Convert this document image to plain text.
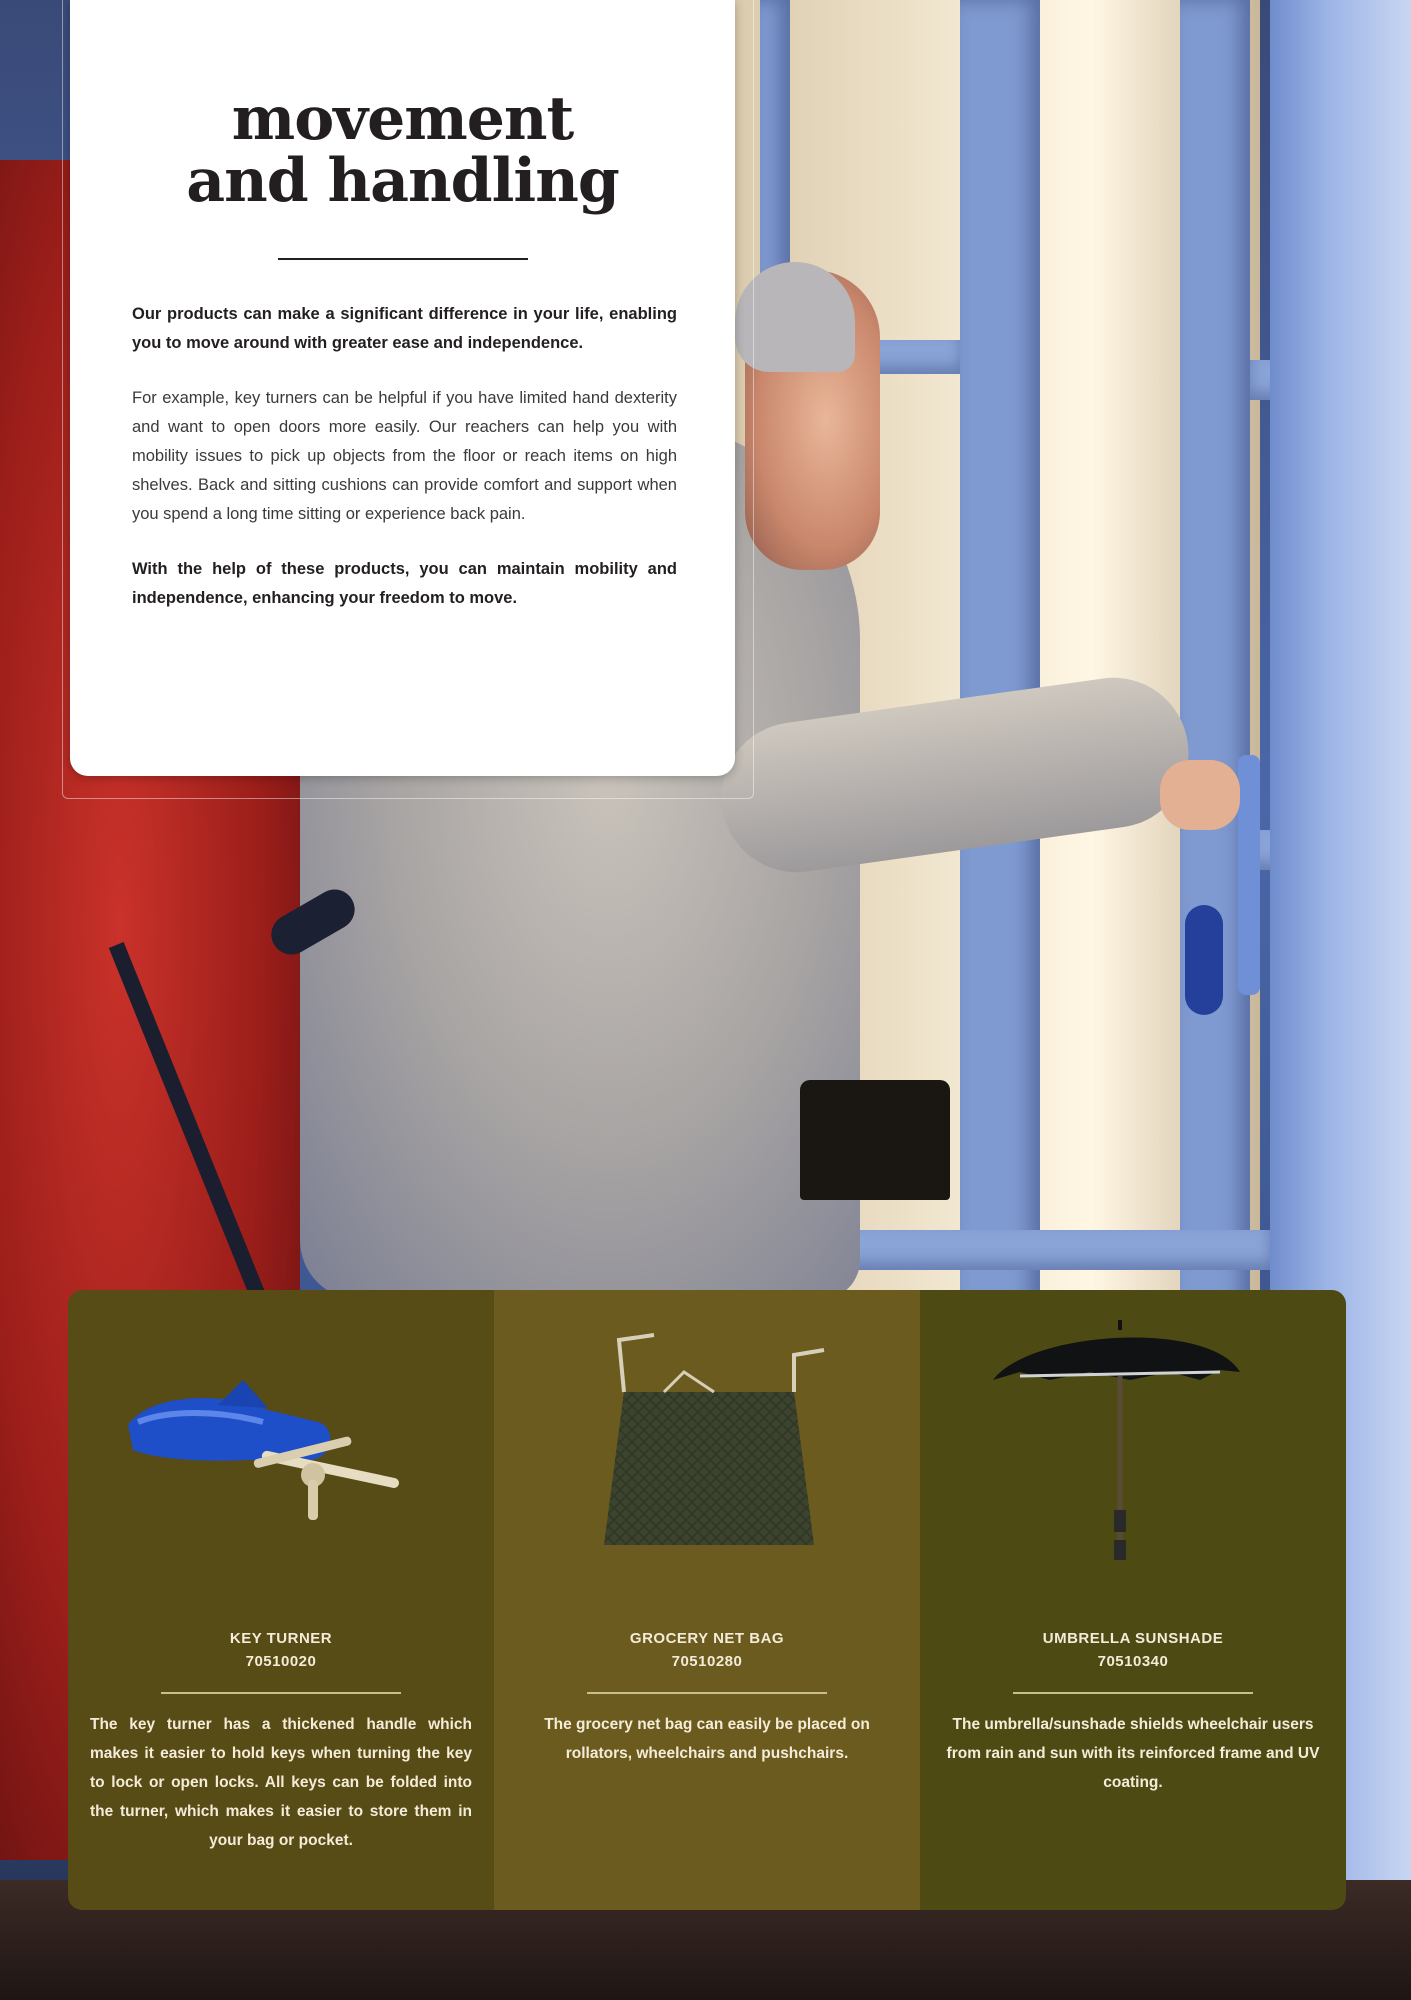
movement
and handling

Our products can make a significant difference in your life, enabling you to move around with greater ease and independence.

For example, key turners can be helpful if you have limited hand dexterity and want to open doors more easily. Our reachers can help you with mobility issues to pick up objects from the floor or reach items on high shelves. Back and sitting cushions can provide comfort and support when you spend a long time sitting or experience back pain.

With the help of these products, you can maintain mobility and independence, enhancing your freedom to move.

KEY TURNER
70510020

The key turner has a thickened handle which makes it easier to hold keys when turning the key to lock or open locks. All keys can be folded into the turner, which makes it easier to store them in your bag or pocket.

GROCERY NET BAG
70510280

The grocery net bag can easily be placed on rollators, wheelchairs and pushchairs.

UMBRELLA SUNSHADE
70510340

The umbrella/sunshade shields wheelchair users from rain and sun with its reinforced frame and UV coating.
